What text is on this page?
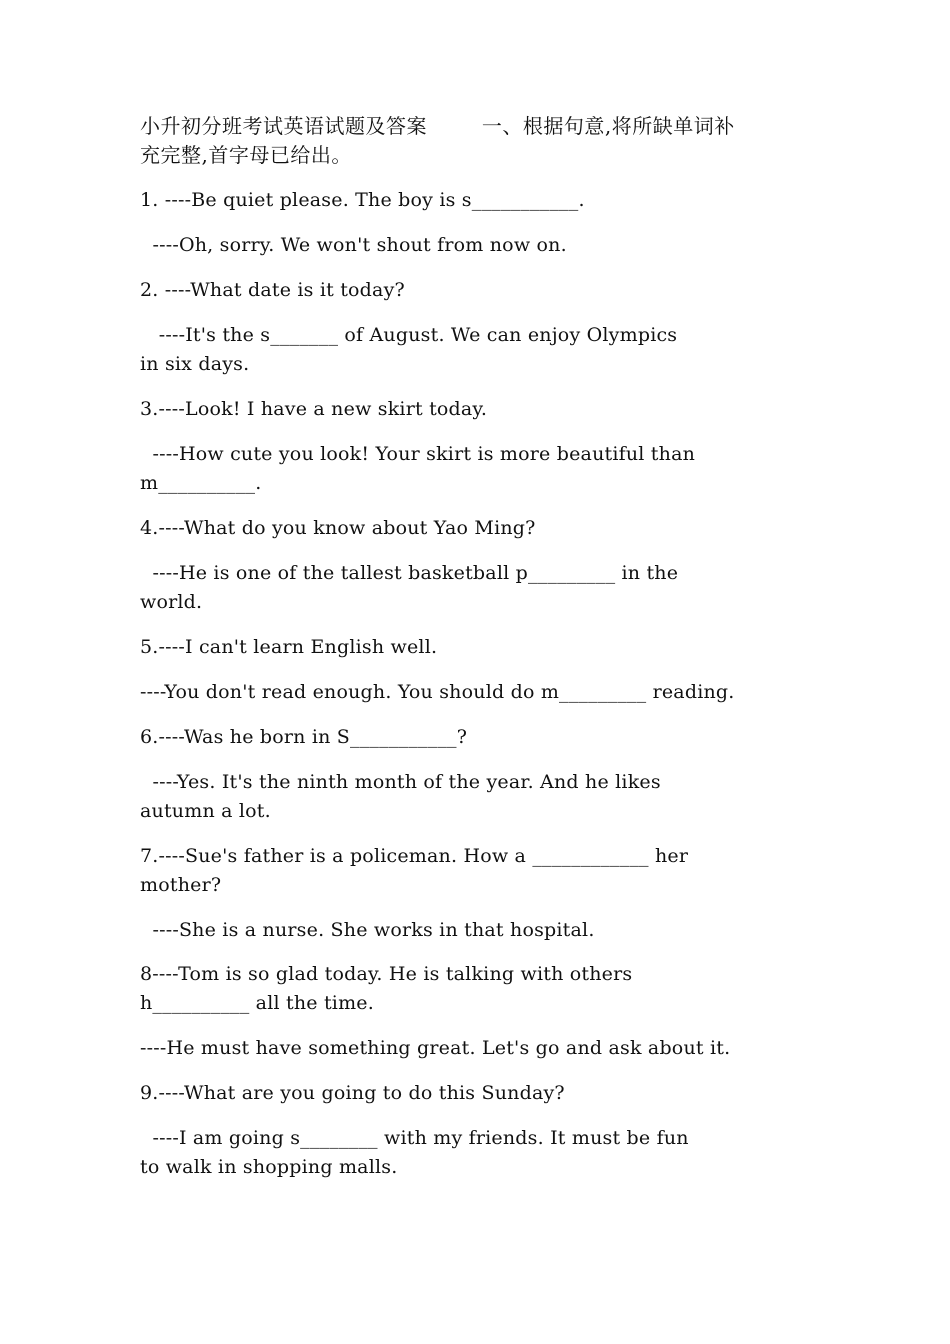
小升初分班考试英语试题及答案        一、根据句意,将所缺单词补
充完整,首字母已给出。
1. ----Be quiet please. The boy is s___________.
----Oh, sorry. We won't shout from now on.
2. ----What date is it today?
----It's the s_______ of August. We can enjoy Olympics
in six days.
3.----Look! I have a new skirt today.
----How cute you look! Your skirt is more beautiful than
m__________.
4.----What do you know about Yao Ming?
----He is one of the tallest basketball p_________ in the
world.
5.----I can't learn English well.
----You don't read enough. You should do m_________ reading.
6.----Was he born in S___________?
----Yes. It's the ninth month of the year. And he likes
autumn a lot.
7.----Sue's father is a policeman. How a ____________ her
mother?
----She is a nurse. She works in that hospital.
8----Tom is so glad today. He is talking with others
h__________ all the time.
----He must have something great. Let's go and ask about it.
9.----What are you going to do this Sunday?
----I am going s________ with my friends. It must be fun
to walk in shopping malls.
